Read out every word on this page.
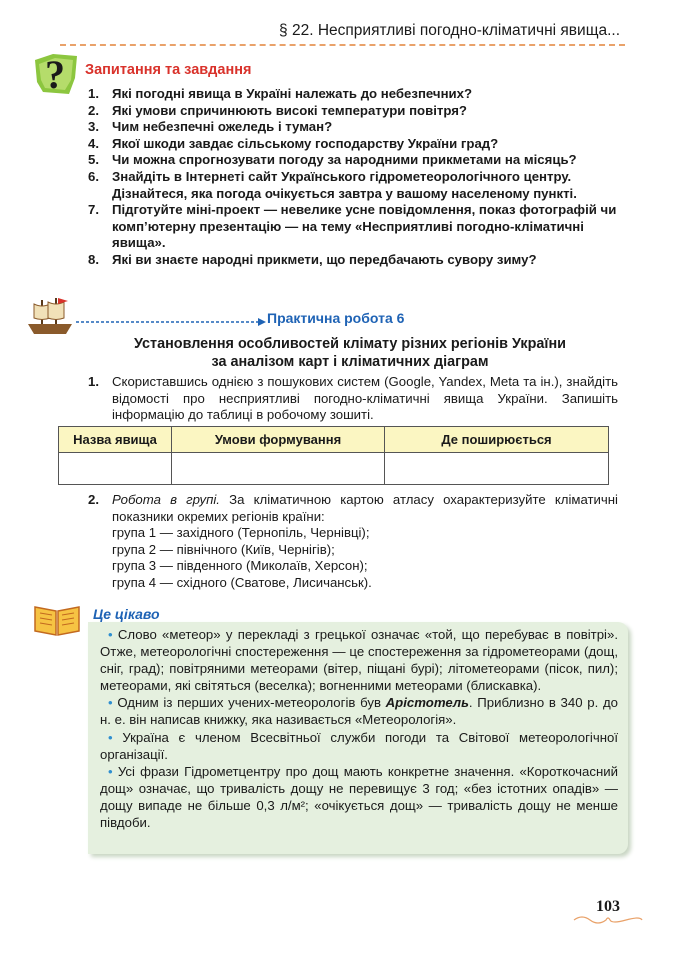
§ 22. Несприятливі погодно-кліматичні явища...
? Запитання та завдання
1. Які погодні явища в Україні належать до небезпечних?
2. Які умови спричинюють високі температури повітря?
3. Чим небезпечні ожеледь і туман?
4. Якої шкоди завдає сільському господарству України град?
5. Чи можна спрогнозувати погоду за народними прикметами на місяць?
6. Знайдіть в Інтернеті сайт Українського гідрометеорологічного центру. Дізнайтеся, яка погода очікується завтра у вашому населеному пункті.
7. Підготуйте міні-проект — невелике усне повідомлення, показ фотографій чи комп’ютерну презентацію — на тему «Несприятливі погодно-кліматичні явища».
8. Які ви знаєте народні прикмети, що передбачають сувору зиму?
Практична робота 6
Установлення особливостей клімату різних регіонів України
за аналізом карт і кліматичних діаграм
1. Скориставшись однією з пошукових систем (Google, Yandex, Meta та ін.), знайдіть відомості про несприятливі погодно-кліматичні явища України. Запишіть інформацію до таблиці в робочому зошиті.
Назва явища	Умови формування	Де поширюється

2. Робота в групі. За кліматичною картою атласу охарактеризуйте кліматичні показники окремих регіонів країни:
група 1 — західного (Тернопіль, Чернівці);
група 2 — північного (Київ, Чернігів);
група 3 — південного (Миколаїв, Херсон);
група 4 — східного (Сватове, Лисичанськ).
Це цікаво

• Слово «метеор» у перекладі з грецької означає «той, що перебуває в повітрі». Отже, метеорологічні спостереження — це спостереження за гідрометеорами (дощ, сніг, град); повітряними метеорами (вітер, піщані бурі); літометеорами (пісок, пил); метеорами, які світяться (веселка); вогненними метеорами (блискавка).

• Одним із перших учених-метеорологів був Арістотель. Приблизно в 340 р. до н. е. він написав книжку, яка називається «Метеорологія».

• Україна є членом Всесвітньої служби погоди та Світової метеорологічної організації.

• Усі фрази Гідрометцентру про дощ мають конкретне значення. «Короткочасний дощ» означає, що тривалість дощу не перевищує 3 год; «без істотних опадів» — дощу випаде не більше 0,3 л/м²; «очікується дощ» — тривалість дощу не менше півдоби.

103
